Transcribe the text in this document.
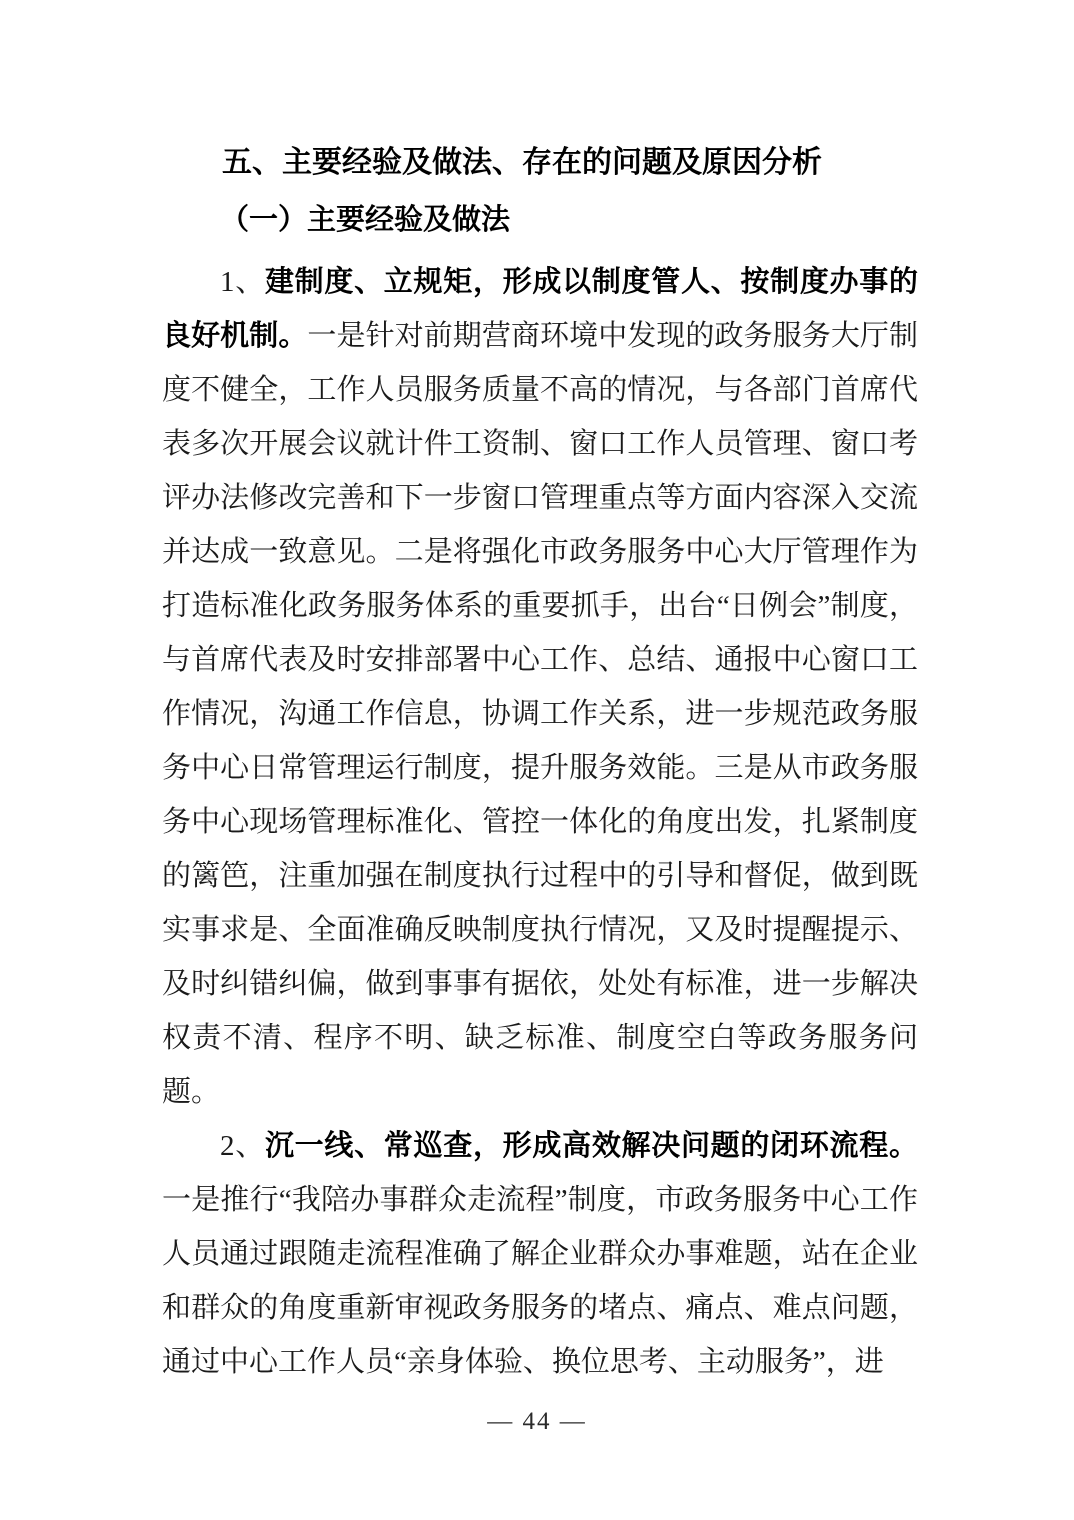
五、主要经验及做法、存在的问题及原因分析
（一）主要经验及做法

1、建制度、立规矩，形成以制度管人、按制度办事的良好机制。一是针对前期营商环境中发现的政务服务大厅制度不健全，工作人员服务质量不高的情况，与各部门首席代表多次开展会议就计件工资制、窗口工作人员管理、窗口考评办法修改完善和下一步窗口管理重点等方面内容深入交流并达成一致意见。二是将强化市政务服务中心大厅管理作为打造标准化政务服务体系的重要抓手，出台“日例会”制度，与首席代表及时安排部署中心工作、总结、通报中心窗口工作情况，沟通工作信息，协调工作关系，进一步规范政务服务中心日常管理运行制度，提升服务效能。三是从市政务服务中心现场管理标准化、管控一体化的角度出发，扎紧制度的篱笆，注重加强在制度执行过程中的引导和督促，做到既实事求是、全面准确反映制度执行情况，又及时提醒提示、及时纠错纠偏，做到事事有据依，处处有标准，进一步解决权责不清、程序不明、缺乏标准、制度空白等政务服务问题。

2、沉一线、常巡查，形成高效解决问题的闭环流程。一是推行“我陪办事群众走流程”制度，市政务服务中心工作人员通过跟随走流程准确了解企业群众办事难题，站在企业和群众的角度重新审视政务服务的堵点、痛点、难点问题，通过中心工作人员“亲身体验、换位思考、主动服务”，进

— 44 —
